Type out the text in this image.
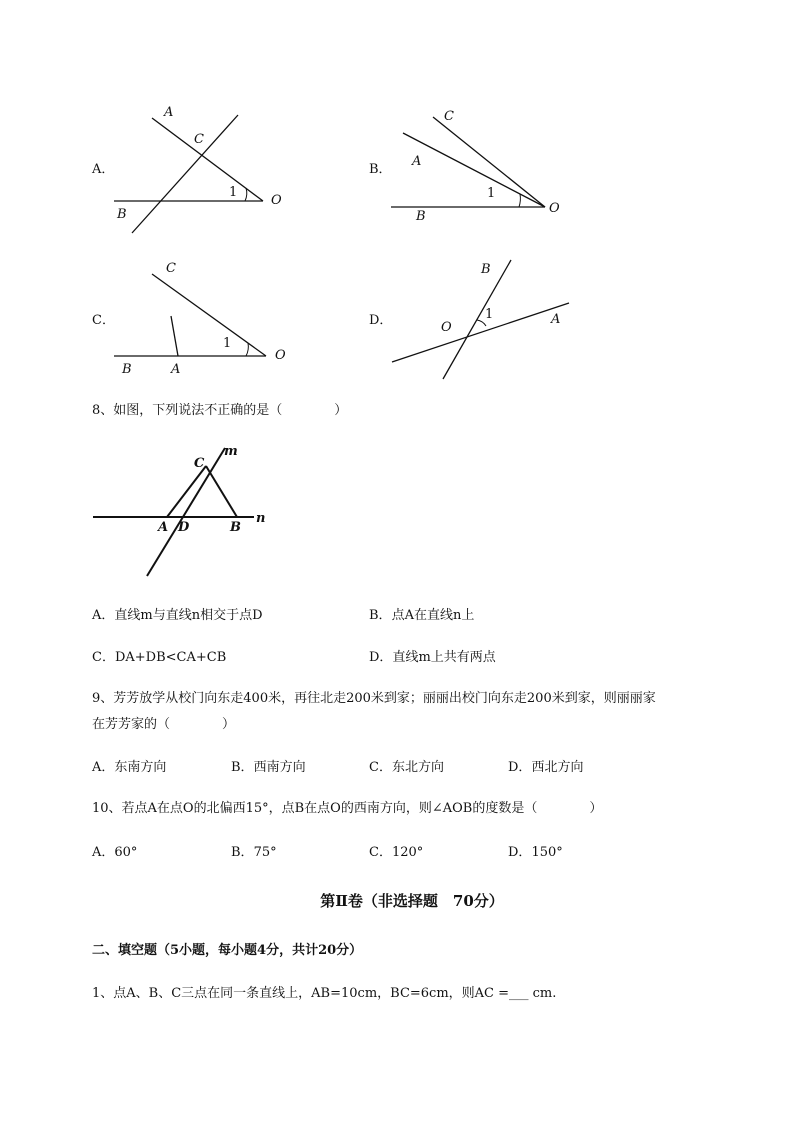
A．
A
C
B
O
1
B．
C
A
B
O
1
C．
C
B	A
O
1
D．
B
O
A
1
8、如图，下列说法不正确的是（　　　　）
C
m
A D	B
n
A．直线m与直线n相交于点D	B．点A在直线n上
C．DA+DB<CA+CB	D．直线m上共有两点
9、芳芳放学从校门向东走400米，再往北走200米到家；丽丽出校门向东走200米到家，则丽丽家
在芳芳家的（　　　　）
A．东南方向	B．西南方向	C．东北方向	D．西北方向
10、若点A在点O的北偏西15°，点B在点O的西南方向，则∠AOB的度数是（　　　　）
A．60°	B．75°	C．120°	D．150°
第Ⅱ卷（非选择题　70分）
二、填空题（5小题，每小题4分，共计20分）
1、点A、B、C三点在同一条直线上，AB=10cm，BC=6cm，则AC =___ cm.
